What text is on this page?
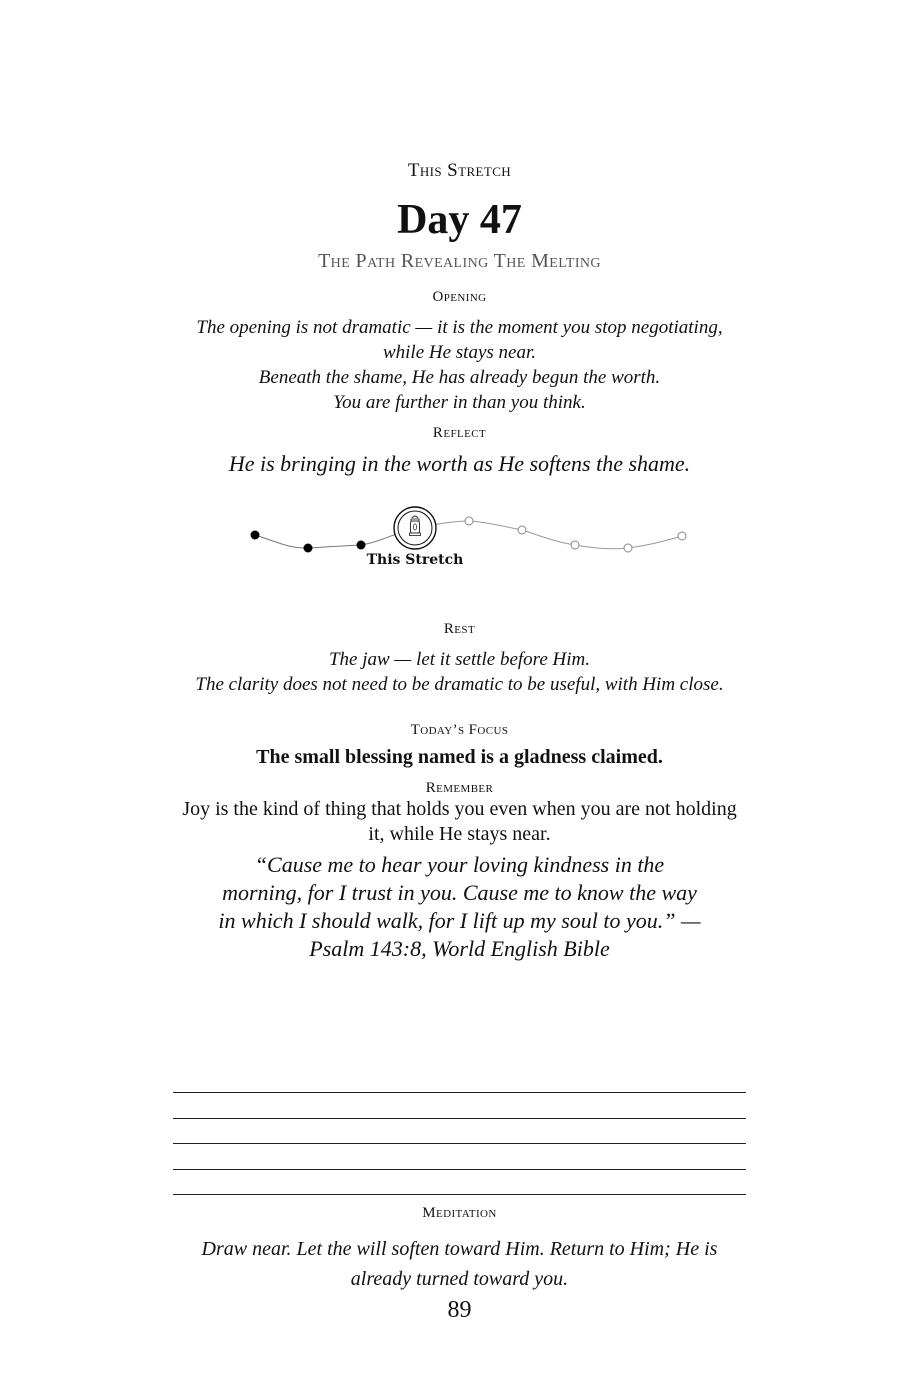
This Stretch
Day 47
The Path Revealing The Melting
Opening
The opening is not dramatic — it is the moment you stop negotiating,
while He stays near.
Beneath the shame, He has already begun the worth.
You are further in than you think.
Reflect
He is bringing in the worth as He softens the shame.
This Stretch
Rest
The jaw — let it settle before Him.
The clarity does not need to be dramatic to be useful, with Him close.
Today’s Focus
The small blessing named is a gladness claimed.
Remember
Joy is the kind of thing that holds you even when you are not holding
it, while He stays near.
“Cause me to hear your loving kindness in the
morning, for I trust in you. Cause me to know the way
in which I should walk, for I lift up my soul to you.” —
Psalm 143:8, World English Bible
Meditation
Draw near. Let the will soften toward Him. Return to Him; He is
already turned toward you.
89
